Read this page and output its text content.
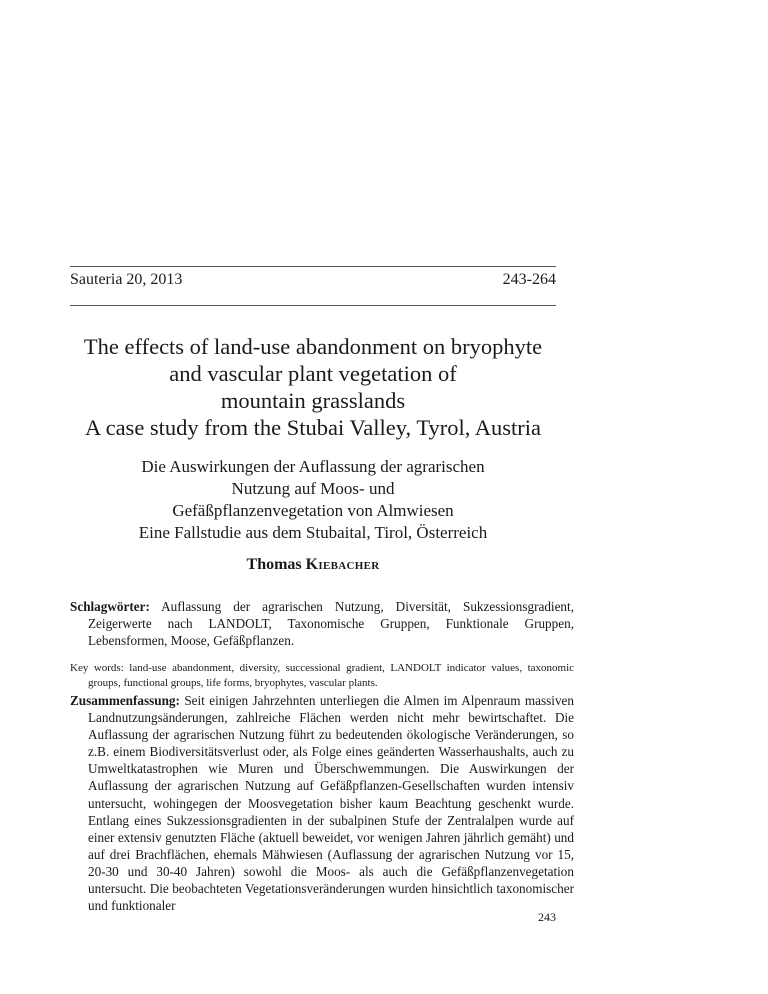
Sauteria 20, 2013	243-264
The effects of land-use abandonment on bryophyte
and vascular plant vegetation of
mountain grasslands
A case study from the Stubai Valley, Tyrol, Austria
Die Auswirkungen der Auflassung der agrarischen
Nutzung auf Moos- und
Gefäßpflanzenvegetation von Almwiesen
Eine Fallstudie aus dem Stubaital, Tirol, Österreich
Thomas Kiebacher
Schlagwörter: Auflassung der agrarischen Nutzung, Diversität, Sukzessionsgradient, Zeigerwerte nach LANDOLT, Taxonomische Gruppen, Funktionale Gruppen, Lebensformen, Moose, Gefäßpflanzen.
Key words: land-use abandonment, diversity, successional gradient, LANDOLT indicator values, taxonomic groups, functional groups, life forms, bryophytes, vascular plants.
Zusammenfassung: Seit einigen Jahrzehnten unterliegen die Almen im Alpenraum massiven Landnutzungsänderungen, zahlreiche Flächen werden nicht mehr bewirtschaftet. Die Auflassung der agrarischen Nutzung führt zu bedeutenden ökologische Veränderungen, so z.B. einem Biodiversitätsverlust oder, als Folge eines geänderten Wasserhaushalts, auch zu Umweltkatastrophen wie Muren und Überschwemmungen. Die Auswirkungen der Auflassung der agrarischen Nutzung auf Gefäßpflanzen-Gesellschaften wurden intensiv untersucht, wohingegen der Moosvegetation bisher kaum Beachtung geschenkt wurde. Entlang eines Sukzessionsgradienten in der subalpinen Stufe der Zentralalpen wurde auf einer extensiv genutzten Fläche (aktuell beweidet, vor wenigen Jahren jährlich gemäht) und auf drei Brachflächen, ehemals Mähwiesen (Auflassung der agrarischen Nutzung vor 15, 20-30 und 30-40 Jahren) sowohl die Moos- als auch die Gefäßpflanzenvegetation untersucht. Die beobachteten Vegetationsveränderungen wurden hinsichtlich taxonomischer und funktionaler
243
